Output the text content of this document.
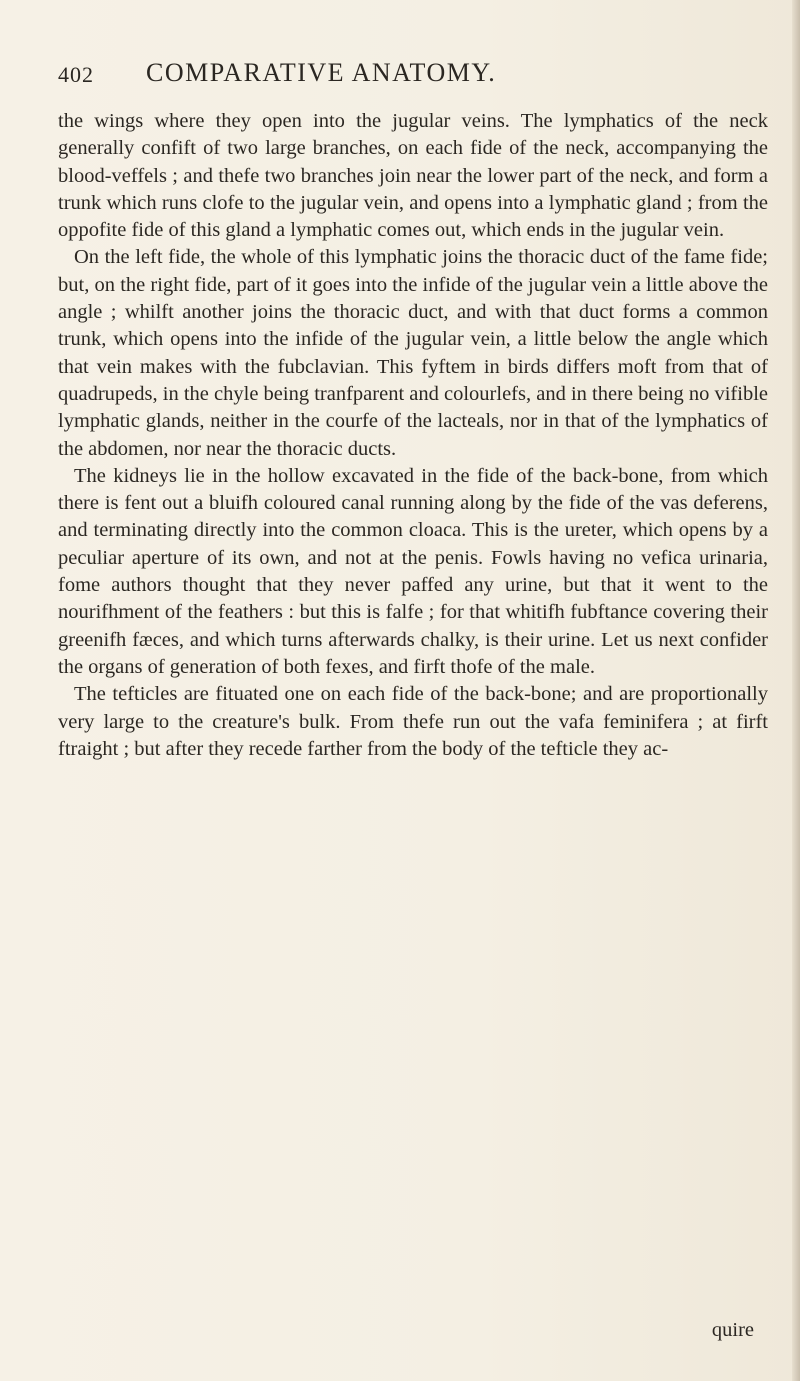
402 COMPARATIVE ANATOMY.

the wings where they open into the jugular veins. The lymphatics of the neck generally confift of two large branches, on each fide of the neck, accompanying the blood-veffels ; and thefe two branches join near the lower part of the neck, and form a trunk which runs clofe to the jugular vein, and opens into a lymphatic gland ; from the oppofite fide of this gland a lymphatic comes out, which ends in the jugular vein.

On the left fide, the whole of this lymphatic joins the thoracic duct of the fame fide; but, on the right fide, part of it goes into the infide of the jugular vein a little above the angle ; whilft another joins the thoracic duct, and with that duct forms a common trunk, which opens into the infide of the jugular vein, a little below the angle which that vein makes with the fubclavian. This fyftem in birds differs moft from that of quadrupeds, in the chyle being tranfparent and colourlefs, and in there being no vifible lymphatic glands, neither in the courfe of the lacteals, nor in that of the lymphatics of the abdomen, nor near the thoracic ducts.

The kidneys lie in the hollow excavated in the fide of the back-bone, from which there is fent out a bluifh coloured canal running along by the fide of the vas deferens, and terminating directly into the common cloaca. This is the ureter, which opens by a peculiar aperture of its own, and not at the penis. Fowls having no vefica urinaria, fome authors thought that they never paffed any urine, but that it went to the nourifhment of the feathers : but this is falfe ; for that whitifh fubftance covering their greenifh fæces, and which turns afterwards chalky, is their urine. Let us next confider the organs of generation of both fexes, and firft thofe of the male.

The tefticles are fituated one on each fide of the back-bone; and are proportionally very large to the creature's bulk. From thefe run out the vafa feminifera ; at firft ftraight ; but after they recede farther from the body of the tefticle they ac-

quire
